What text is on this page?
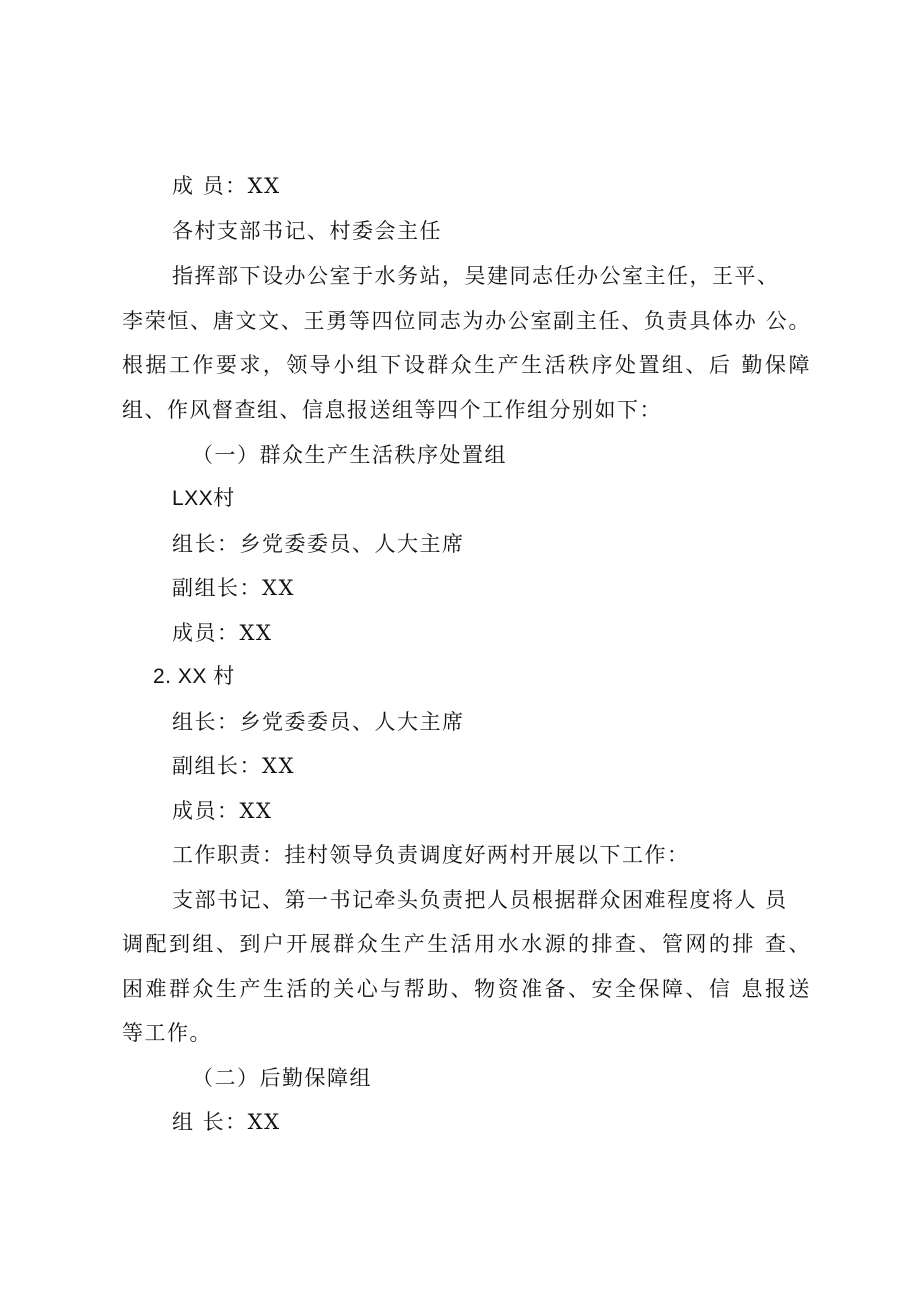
成 员：XX
各村支部书记、村委会主任
指挥部下设办公室于水务站，吴建同志任办公室主任，王平、
李荣恒、唐文文、王勇等四位同志为办公室副主任、负责具体办 公。
根据工作要求，领导小组下设群众生产生活秩序处置组、后 勤保障
组、作风督查组、信息报送组等四个工作组分别如下：
（一）群众生产生活秩序处置组
LXX村
组长：乡党委委员、人大主席
副组长：XX
成员：XX
2. XX 村
组长：乡党委委员、人大主席
副组长：XX
成员：XX
工作职责：挂村领导负责调度好两村开展以下工作：
支部书记、第一书记牵头负责把人员根据群众困难程度将人 员
调配到组、到户开展群众生产生活用水水源的排查、管网的排 查、
困难群众生产生活的关心与帮助、物资准备、安全保障、信 息报送
等工作。
（二）后勤保障组
组 长：XX
